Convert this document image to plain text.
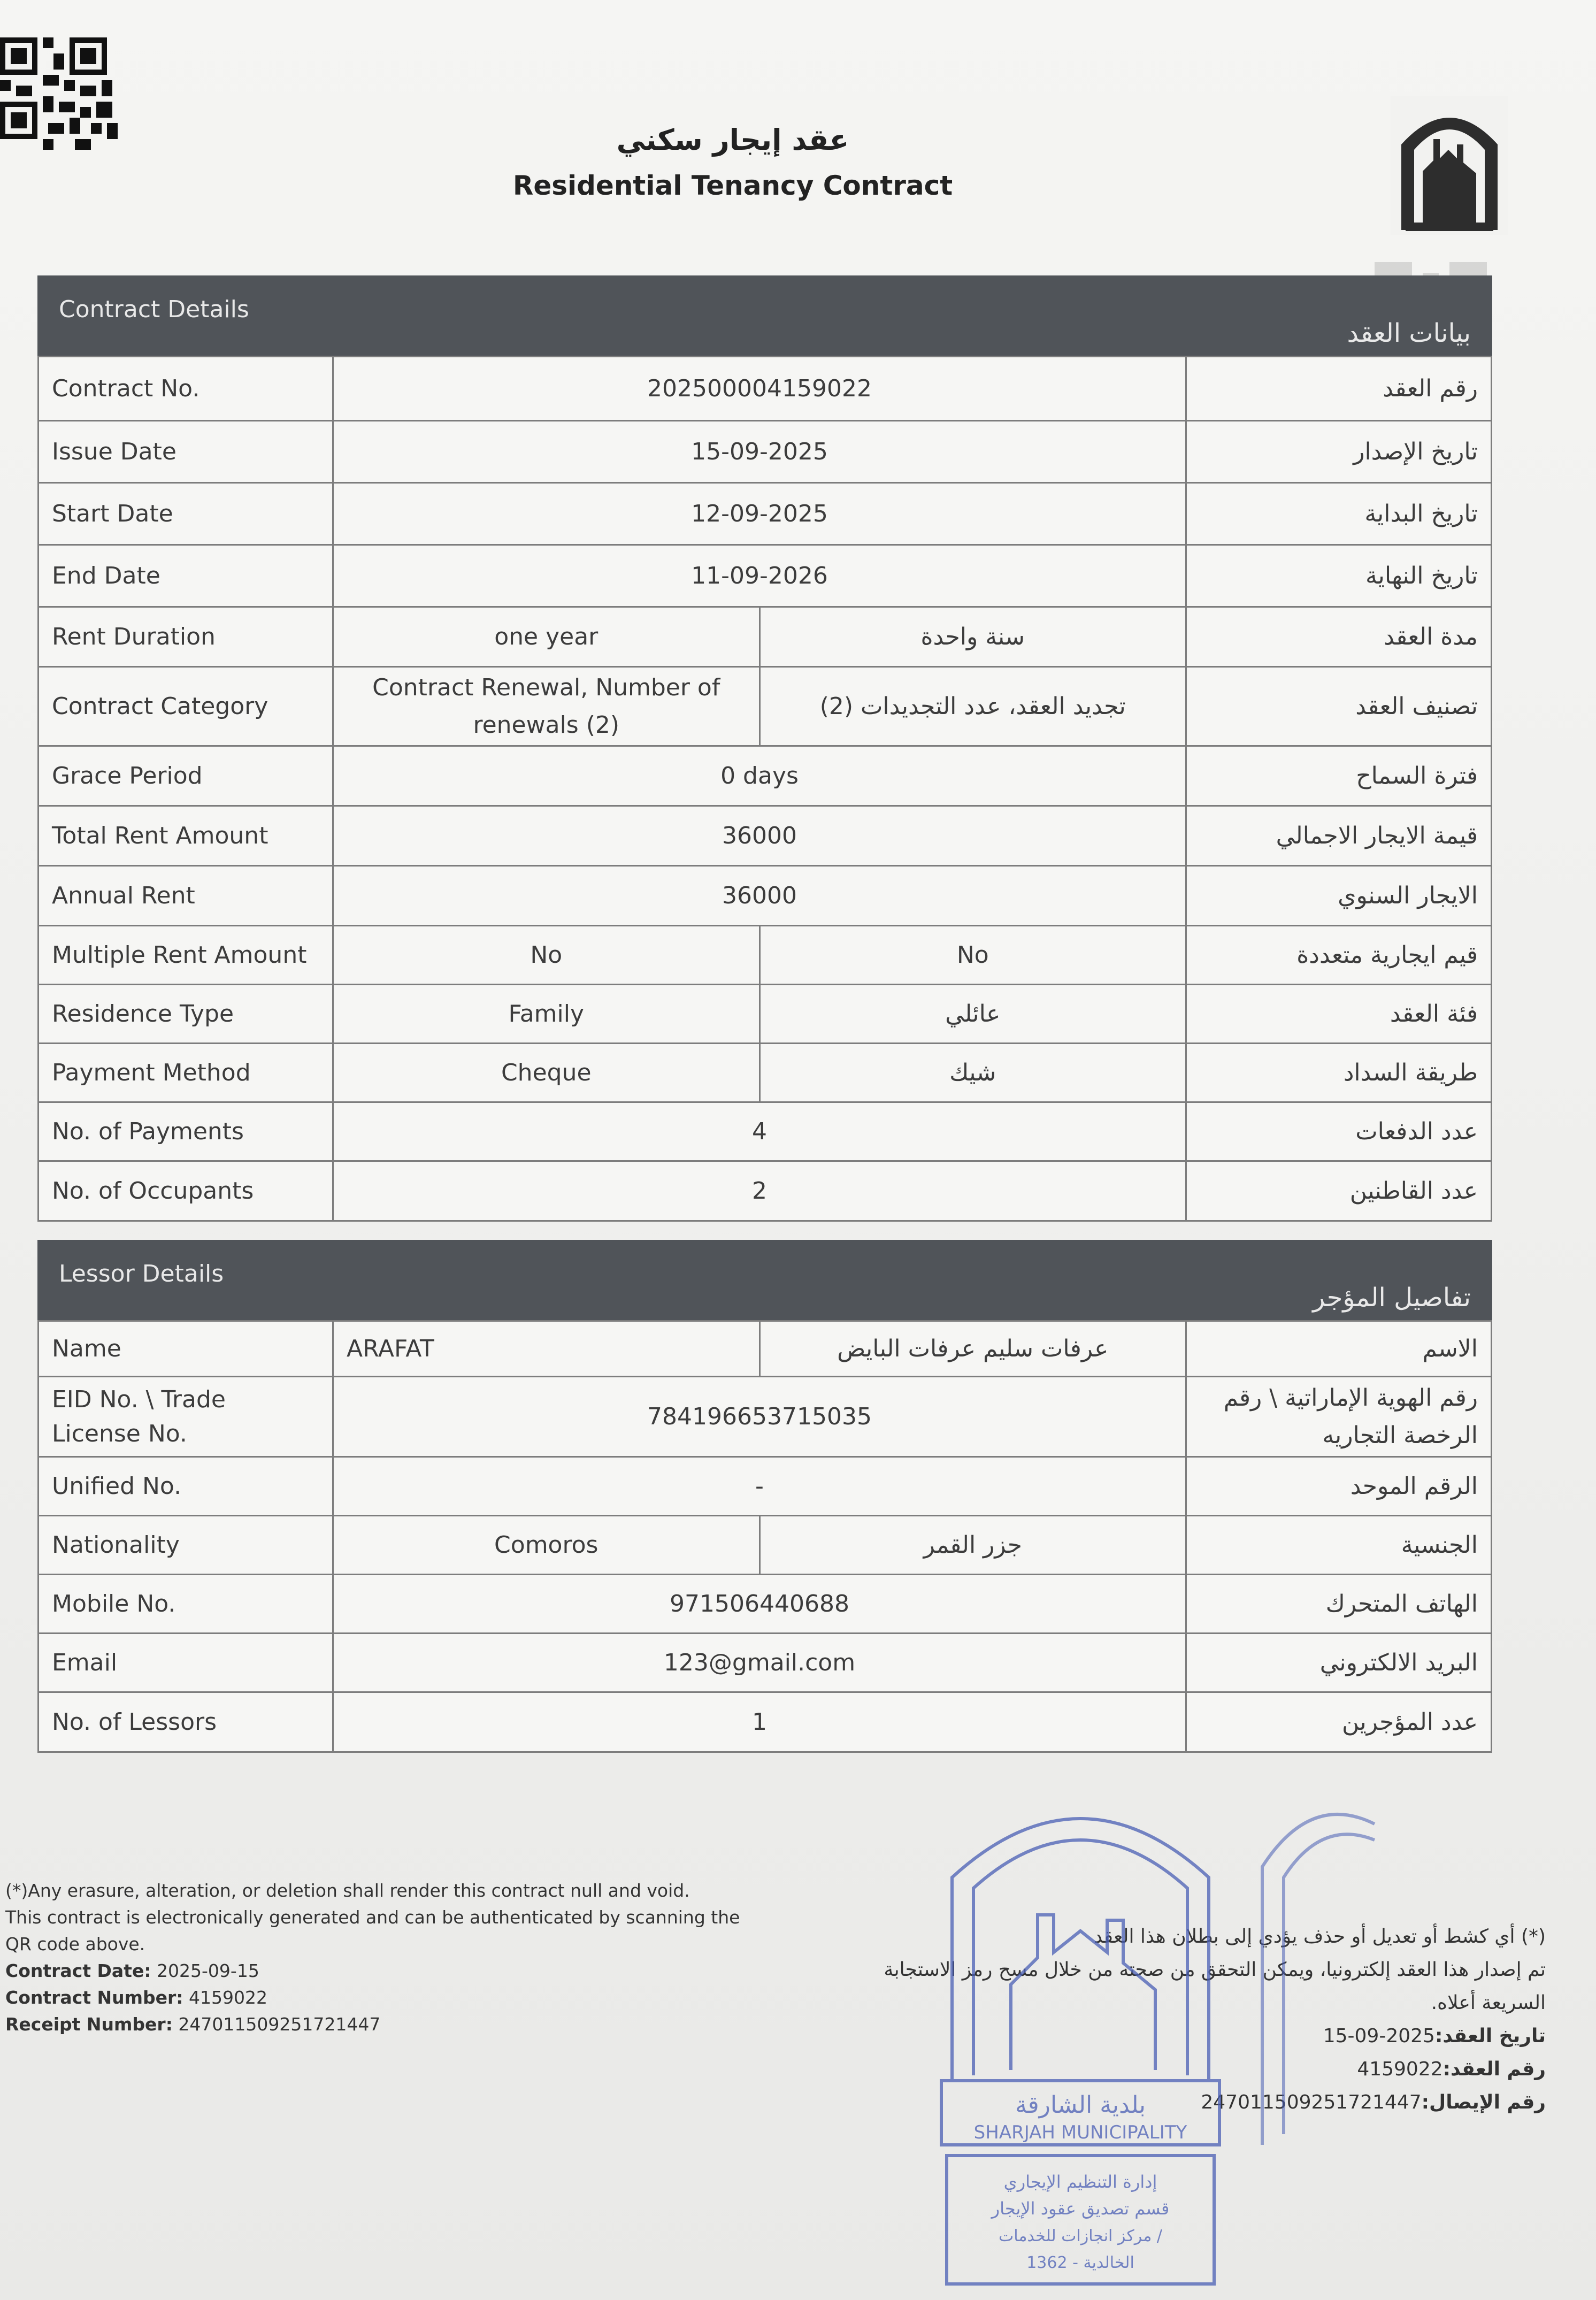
عقد إيجار سكني
Residential Tenancy Contract
Contract Details
بيانات العقد
Contract No.	202500004159022		رقم العقد
Issue Date	15-09-2025		تاريخ الإصدار
Start Date	12-09-2025		تاريخ البداية
End Date	11-09-2026		تاريخ النهاية
Rent Duration	one year	سنة واحدة	مدة العقد
Contract Category	Contract Renewal, Number of renewals (2)	تجديد العقد، عدد التجديدات (2)	تصنيف العقد
Grace Period	0 days		فترة السماح
Total Rent Amount	36000		قيمة الايجار الاجمالي
Annual Rent	36000		الايجار السنوي
Multiple Rent Amount	No	No	قيم ايجارية متعددة
Residence Type	Family	عائلي	فئة العقد
Payment Method	Cheque	شيك	طريقة السداد
No. of Payments	4		عدد الدفعات
No. of Occupants	2		عدد القاطنين
Lessor Details
تفاصيل المؤجر
Name	ARAFAT	عرفات سليم عرفات البايض	الاسم
EID No. \ Trade License No.	784196653715035		رقم الهوية الإماراتية \ رقم الرخصة التجاريه
Unified No.	-		الرقم الموحد
Nationality	Comoros	جزر القمر	الجنسية
Mobile No.	971506440688		الهاتف المتحرك
Email	123@gmail.com		البريد الالكتروني
No. of Lessors	1		عدد المؤجرين
(*)Any erasure, alteration, or deletion shall render this contract null and void.
This contract is electronically generated and can be authenticated by scanning the QR code above.
Contract Date: 2025-09-15
Contract Number: 4159022
Receipt Number: 247011509251721447
(*) أي كشط أو تعديل أو حذف يؤدي إلى بطلان هذا العقد
تم إصدار هذا العقد إلكترونيا، ويمكن التحقق من صحته من خلال مسح رمز الاستجابة السريعة أعلاه.
تاريخ العقد:2025-09-15
رقم العقد:4159022
رقم الإيصال:247011509251721447
بلدية الشارقة
SHARJAH MUNICIPALITY
إدارة التنظيم الإيجاري
قسم تصديق عقود الإيجار
مركز انجازات للخدمات /
الخالدية - 1362
